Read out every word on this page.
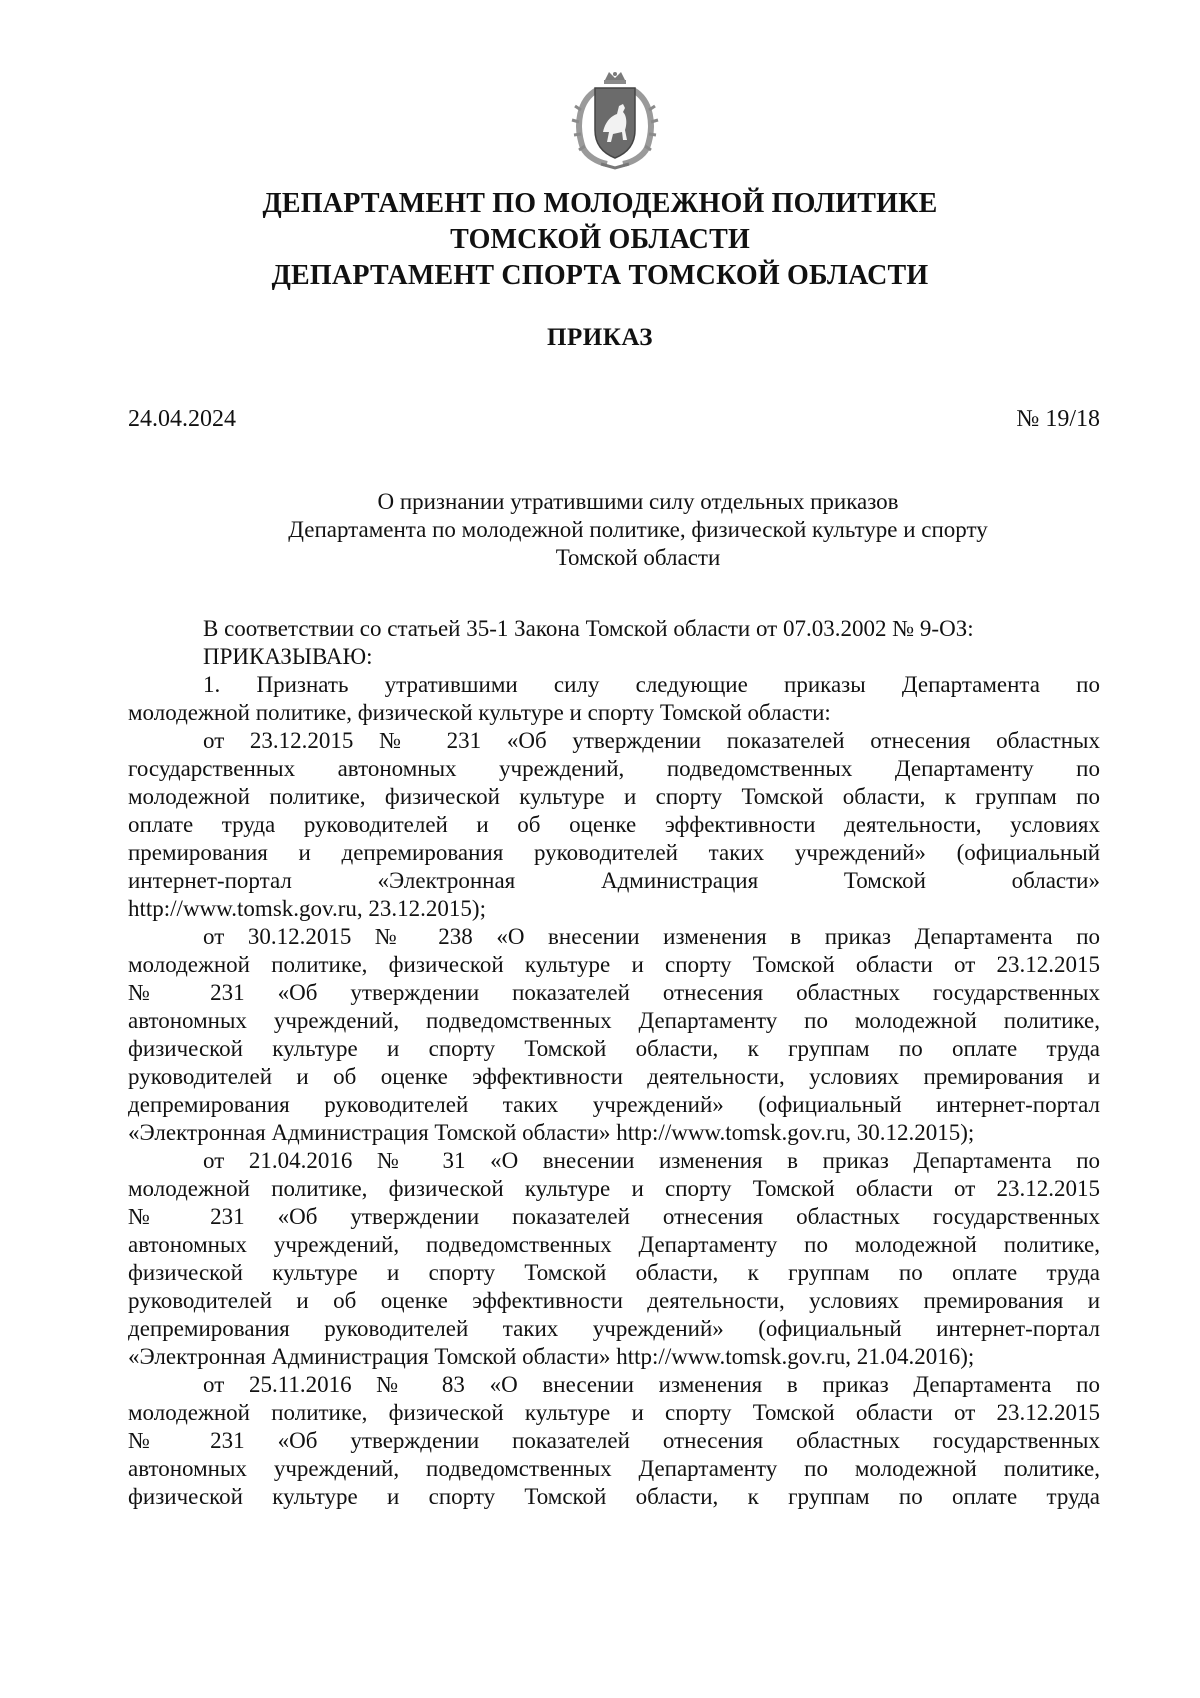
ДЕПАРТАМЕНТ ПО МОЛОДЕЖНОЙ ПОЛИТИКЕ
ТОМСКОЙ ОБЛАСТИ
ДЕПАРТАМЕНТ СПОРТА ТОМСКОЙ ОБЛАСТИ
ПРИКАЗ
24.04.2024	№ 19/18
О признании утратившими силу отдельных приказов
Департамента по молодежной политике, физической культуре и спорту
Томской области
В соответствии со статьей 35-1 Закона Томской области от 07.03.2002 № 9-ОЗ:
ПРИКАЗЫВАЮ:
1. Признать утратившими силу следующие приказы Департамента по
молодежной политике, физической культуре и спорту Томской области:
от 23.12.2015 № 231 «Об утверждении показателей отнесения областных
государственных автономных учреждений, подведомственных Департаменту по
молодежной политике, физической культуре и спорту Томской области, к группам по
оплате труда руководителей и об оценке эффективности деятельности, условиях
премирования и депремирования руководителей таких учреждений» (официальный
интернет-портал «Электронная Администрация Томской области»
http://www.tomsk.gov.ru, 23.12.2015);
от 30.12.2015 № 238 «О внесении изменения в приказ Департамента по
молодежной политике, физической культуре и спорту Томской области от 23.12.2015
№ 231 «Об утверждении показателей отнесения областных государственных
автономных учреждений, подведомственных Департаменту по молодежной политике,
физической культуре и спорту Томской области, к группам по оплате труда
руководителей и об оценке эффективности деятельности, условиях премирования и
депремирования руководителей таких учреждений» (официальный интернет-портал
«Электронная Администрация Томской области» http://www.tomsk.gov.ru, 30.12.2015);
от 21.04.2016 № 31 «О внесении изменения в приказ Департамента по
молодежной политике, физической культуре и спорту Томской области от 23.12.2015
№ 231 «Об утверждении показателей отнесения областных государственных
автономных учреждений, подведомственных Департаменту по молодежной политике,
физической культуре и спорту Томской области, к группам по оплате труда
руководителей и об оценке эффективности деятельности, условиях премирования и
депремирования руководителей таких учреждений» (официальный интернет-портал
«Электронная Администрация Томской области» http://www.tomsk.gov.ru, 21.04.2016);
от 25.11.2016 № 83 «О внесении изменения в приказ Департамента по
молодежной политике, физической культуре и спорту Томской области от 23.12.2015
№ 231 «Об утверждении показателей отнесения областных государственных
автономных учреждений, подведомственных Департаменту по молодежной политике,
физической культуре и спорту Томской области, к группам по оплате труда
